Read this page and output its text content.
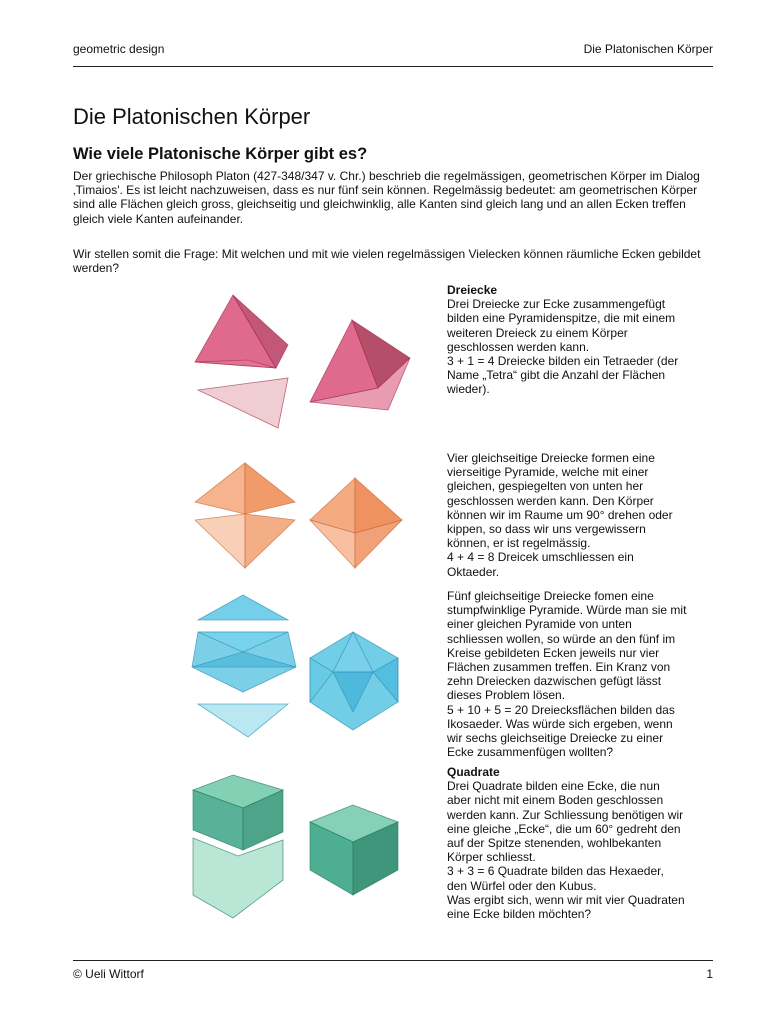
geometric design	Die Platonischen Körper
Die Platonischen Körper
Wie viele Platonische Körper gibt es?

Der griechische Philosoph Platon (427-348/347 v. Chr.) beschrieb die regelmässigen, geometrischen Körper im Dialog ‚Timaios'. Es ist leicht nachzuweisen, dass es nur fünf sein können. Regelmässig bedeutet: am geometrischen Körper sind alle Flächen gleich gross, gleichseitig und gleichwinklig, alle Kanten sind gleich lang und an allen Ecken treffen gleich viele Kanten aufeinander.

Wir stellen somit die Frage: Mit welchen und mit wie vielen regelmässigen Vielecken können räumliche Ecken gebildet werden?

Dreiecke

Drei Dreiecke zur Ecke zusammengefügt

bilden eine Pyramidenspitze, die mit einem

weiteren Dreieck zu einem Körper

geschlossen werden kann.

3 + 1 = 4 Dreiecke bilden ein Tetraeder (der

Name „Tetra“ gibt die Anzahl der Flächen

wieder).

Vier gleichseitige Dreiecke formen eine

vierseitige Pyramide, welche mit einer

gleichen, gespiegelten von unten her

geschlossen werden kann. Den Körper

können wir im Raume um 90° drehen oder

kippen, so dass wir uns vergewissern

können, er ist regelmässig.

4 + 4 = 8 Dreicek umschliessen ein

Oktaeder.

Fünf gleichseitige Dreiecke fomen eine

stumpfwinklige Pyramide. Würde man sie mit

einer gleichen Pyramide von unten

schliessen wollen, so würde an den fünf im

Kreise gebildeten Ecken jeweils nur vier

Flächen zusammen treffen. Ein Kranz von

zehn Dreiecken dazwischen gefügt lässt

dieses Problem lösen.

5 + 10 + 5 = 20 Dreiecksflächen bilden das

Ikosaeder. Was würde sich ergeben, wenn

wir sechs gleichseitige Dreiecke zu einer

Ecke zusammenfügen wollten?

Quadrate

Drei Quadrate bilden eine Ecke, die nun

aber nicht mit einem Boden geschlossen

werden kann. Zur Schliessung benötigen wir

eine gleiche „Ecke“, die um 60° gedreht den

auf der Spitze stenenden, wohlbekanten

Körper schliesst.

3 + 3 = 6 Quadrate bilden das Hexaeder,

den Würfel oder den Kubus.

Was ergibt sich, wenn wir mit vier Quadraten

eine Ecke bilden möchten?

© Ueli Wittorf	1
